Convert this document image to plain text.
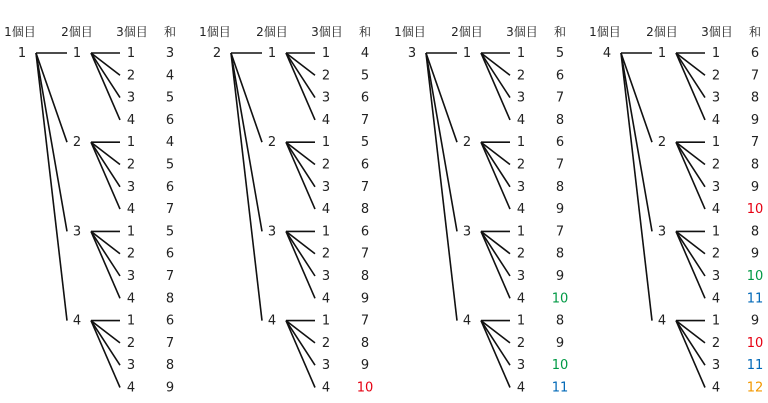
1個目 2個目 3個目 和
1	1	1 3
2 4
3 5
4 6
2	1 4
2 5
3 6
4 7
3	1 5
2 6
3 7
4 8
4	1 6
2 7
3 8
4 9
1個目 2個目 3個目 和
2	1	1 4
2 5
3 6
4 7
2	1 5
2 6
3 7
4 8
3	1 6
2 7
3 8
4 9
4	1 7
2 8
3 9
4 10
1個目 2個目 3個目 和
3	1	1 5
2 6
3 7
4 8
2	1 6
2 7
3 8
4 9
3	1 7
2 8
3 9
4 10
4	1 8
2 9
3 10
4 11
1個目 2個目 3個目 和
4	1	1 6
2 7
3 8
4 9
2	1 7
2 8
3 9
4 10
3	1 8
2 9
3 10
4 11
4	1 9
2 10
3 11
4 12
